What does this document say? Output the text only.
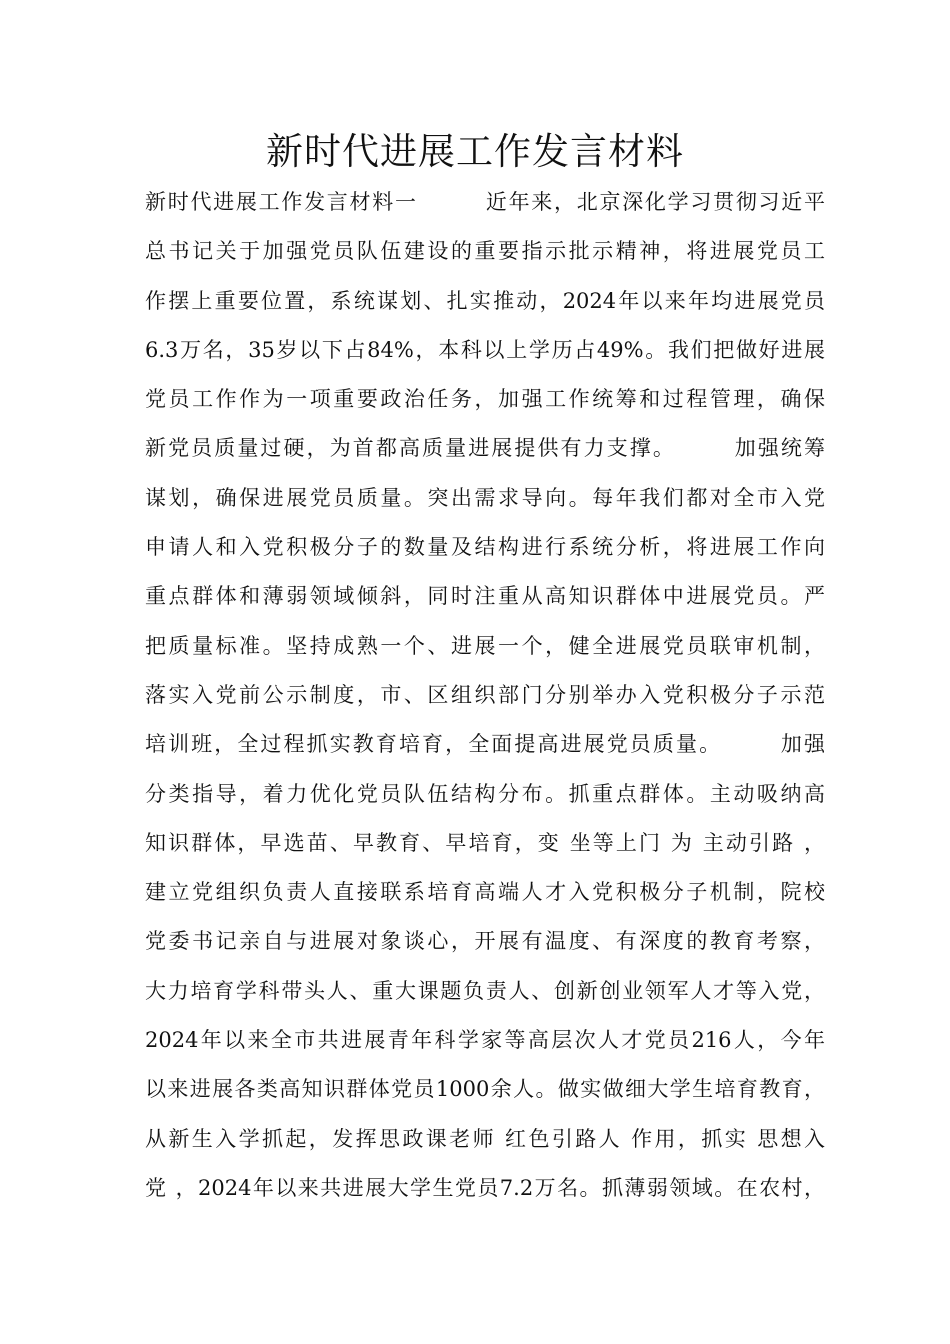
新时代进展工作发言材料
新时代进展工作发言材料一　　　近年来，北京深化学习贯彻习近平
总书记关于加强党员队伍建设的重要指示批示精神，将进展党员工
作摆上重要位置，系统谋划、扎实推动，2024年以来年均进展党员
6.3万名，35岁以下占84%，本科以上学历占49%。我们把做好进展
党员工作作为一项重要政治任务，加强工作统筹和过程管理，确保
新党员质量过硬，为首都高质量进展提供有力支撑。　　　加强统筹
谋划，确保进展党员质量。突出需求导向。每年我们都对全市入党
申请人和入党积极分子的数量及结构进行系统分析，将进展工作向
重点群体和薄弱领域倾斜，同时注重从高知识群体中进展党员。严
把质量标准。坚持成熟一个、进展一个，健全进展党员联审机制，
落实入党前公示制度，市、区组织部门分别举办入党积极分子示范
培训班，全过程抓实教育培育，全面提高进展党员质量。　　　加强
分类指导，着力优化党员队伍结构分布。抓重点群体。主动吸纳高
知识群体，早选苗、早教育、早培育，变 坐等上门 为 主动引路 ，
建立党组织负责人直接联系培育高端人才入党积极分子机制，院校
党委书记亲自与进展对象谈心，开展有温度、有深度的教育考察，
大力培育学科带头人、重大课题负责人、创新创业领军人才等入党，
2024年以来全市共进展青年科学家等高层次人才党员216人，今年
以来进展各类高知识群体党员1000余人。做实做细大学生培育教育，
从新生入学抓起，发挥思政课老师 红色引路人 作用，抓实 思想入
党 ，2024年以来共进展大学生党员7.2万名。抓薄弱领域。在农村，
